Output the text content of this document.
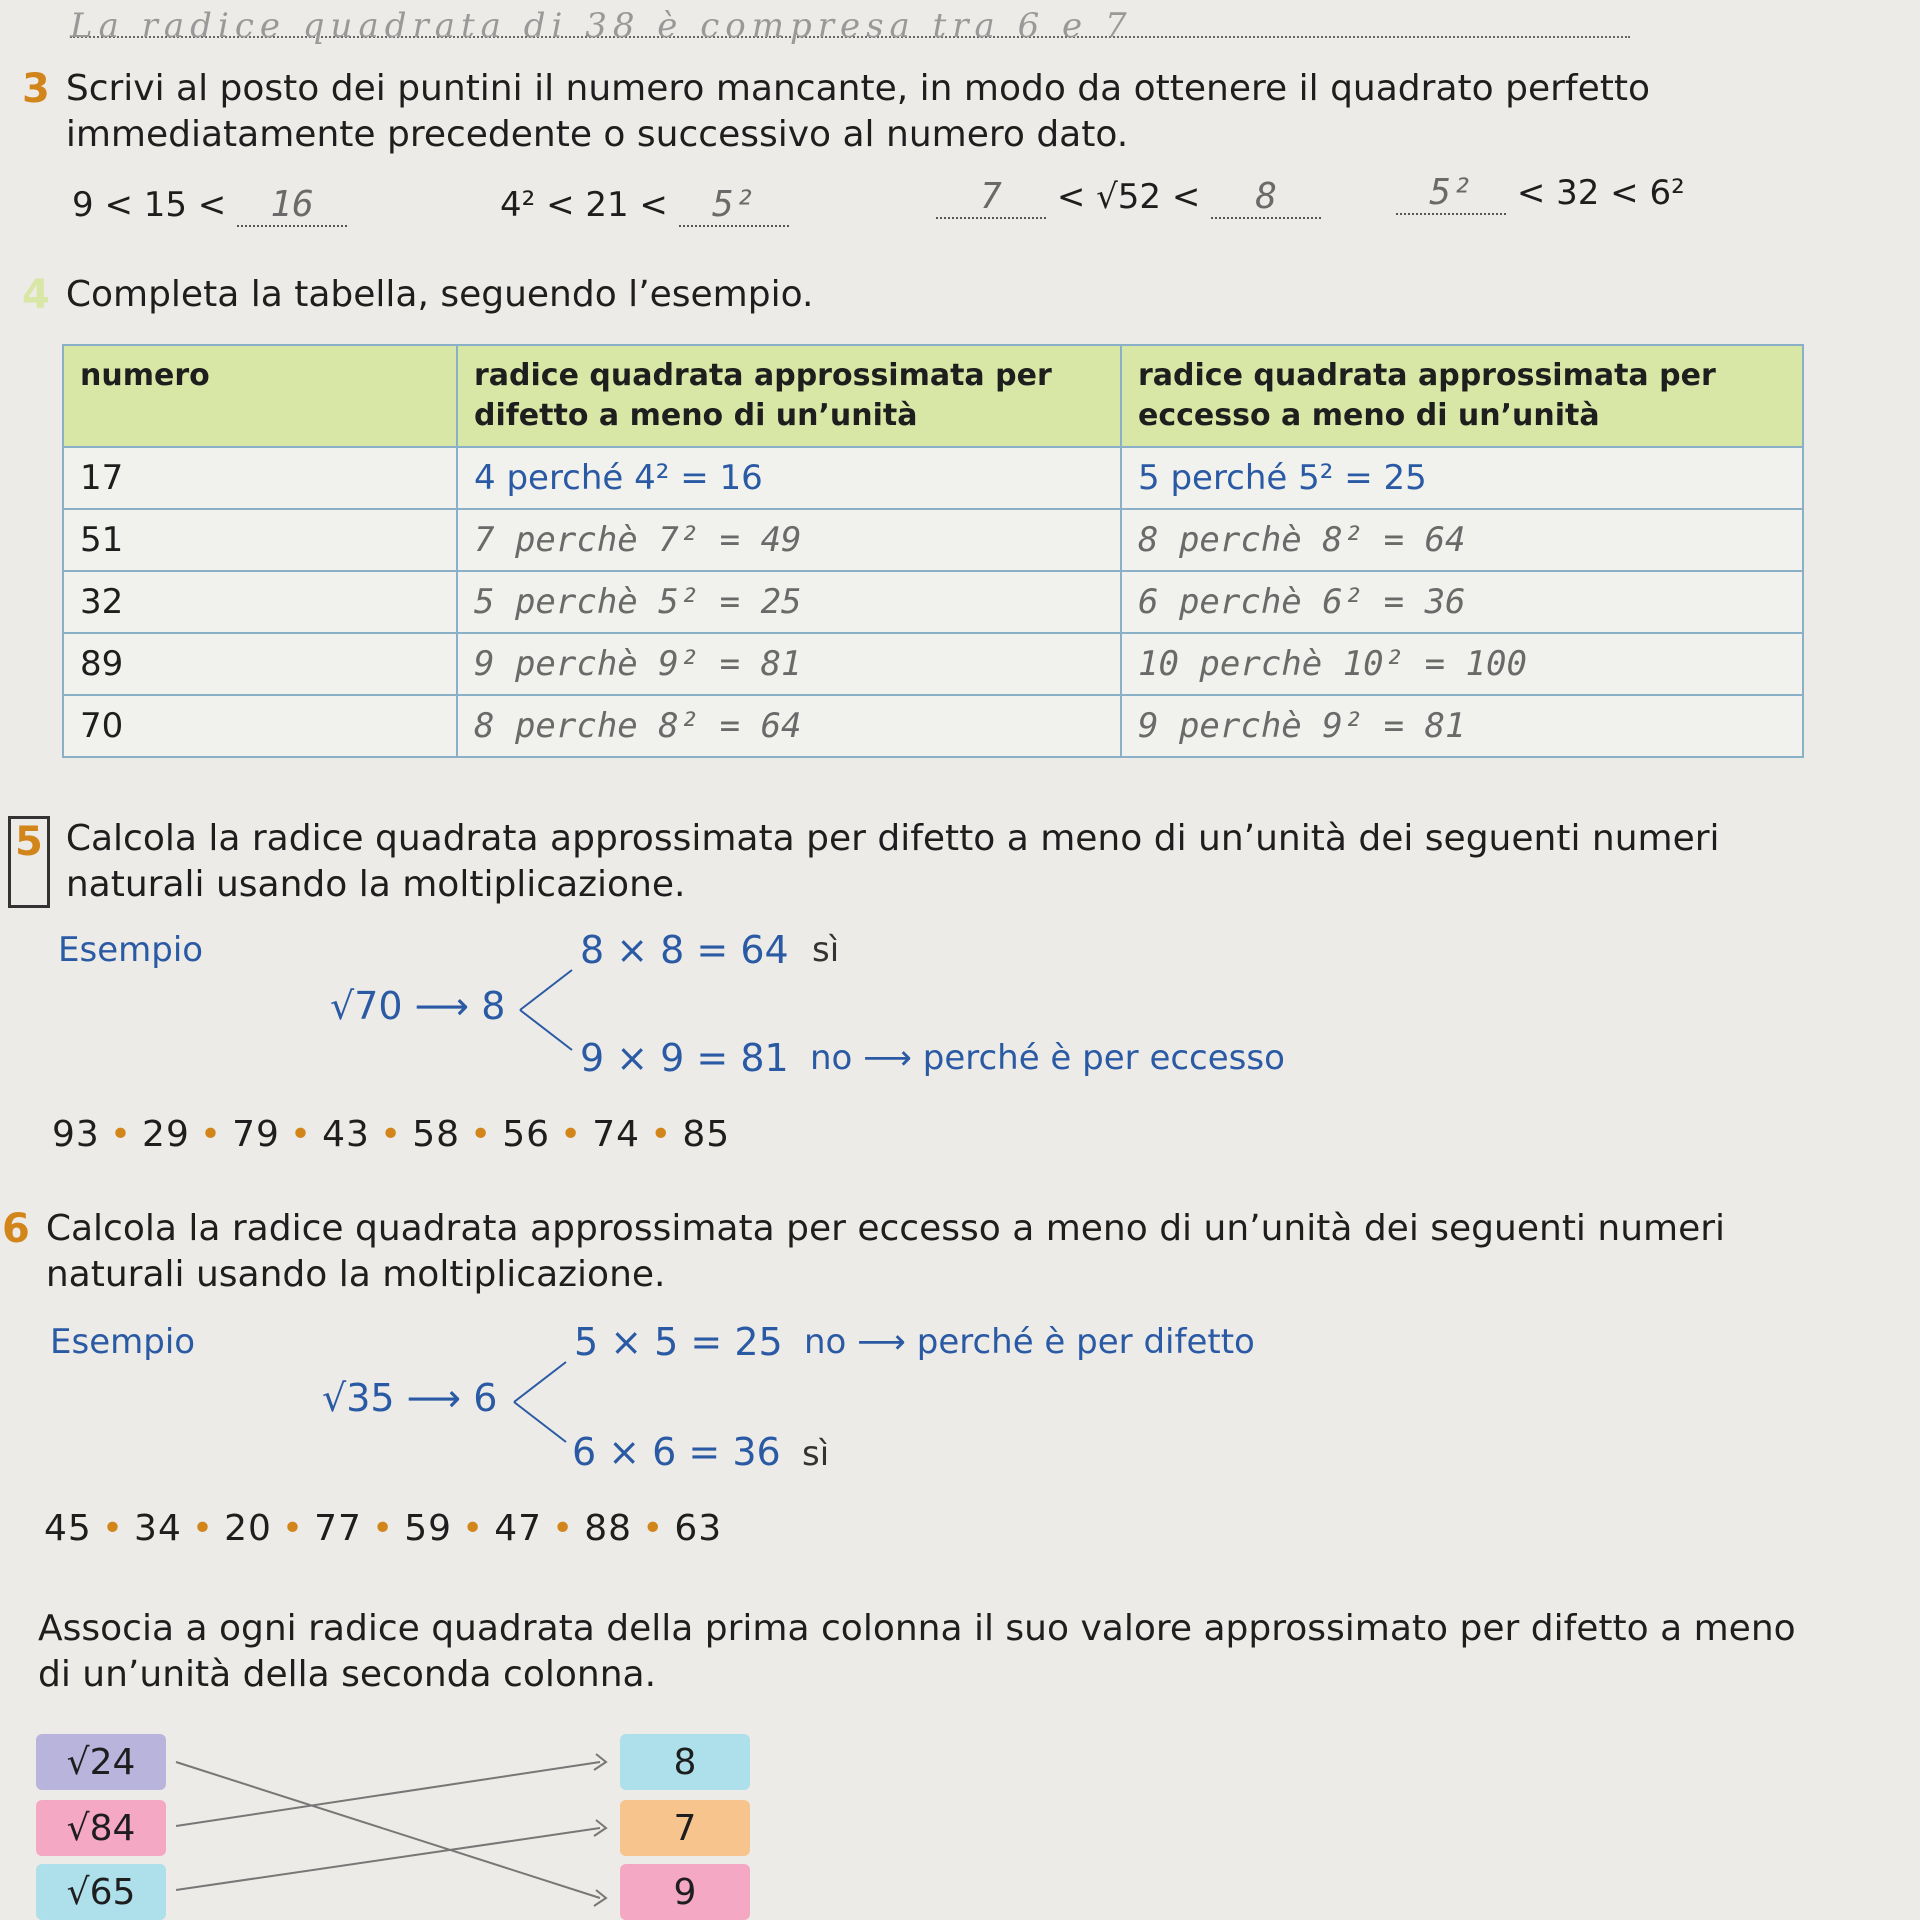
La radice quadrata di 38 è compresa tra 6 e 7
3 Scrivi al posto dei puntini il numero mancante, in modo da ottenere il quadrato perfetto immediatamente precedente o successivo al numero dato.
9 < 15 < 16	4² < 21 < 5²	7 < √52 < 8	5² < 32 < 6²
4 Completa la tabella, seguendo l’esempio.
numero	radice quadrata approssimata per difetto a meno di un’unità	radice quadrata approssimata per eccesso a meno di un’unità
17	4 perché 4² = 16	5 perché 5² = 25
51	7 perchè 7² = 49	8 perchè 8² = 64
32	5 perchè 5² = 25	6 perchè 6² = 36
89	9 perchè 9² = 81	10 perchè 10² = 100
70	8 perche 8² = 64	9 perchè 9² = 81
5 Calcola la radice quadrata approssimata per difetto a meno di un’unità dei seguenti numeri naturali usando la moltiplicazione.
Esempio
√70 ⟶ 8
8 × 8 = 64 sì
9 × 9 = 81 no ⟶ perché è per eccesso
93 • 29 • 79 • 43 • 58 • 56 • 74 • 85
6 Calcola la radice quadrata approssimata per eccesso a meno di un’unità dei seguenti numeri naturali usando la moltiplicazione.
Esempio
√35 ⟶ 6
5 × 5 = 25 no ⟶ perché è per difetto
6 × 6 = 36 sì
45 • 34 • 20 • 77 • 59 • 47 • 88 • 63
Associa a ogni radice quadrata della prima colonna il suo valore approssimato per difetto a meno di un’unità della seconda colonna.
√24
√84
√65
8
7
9
